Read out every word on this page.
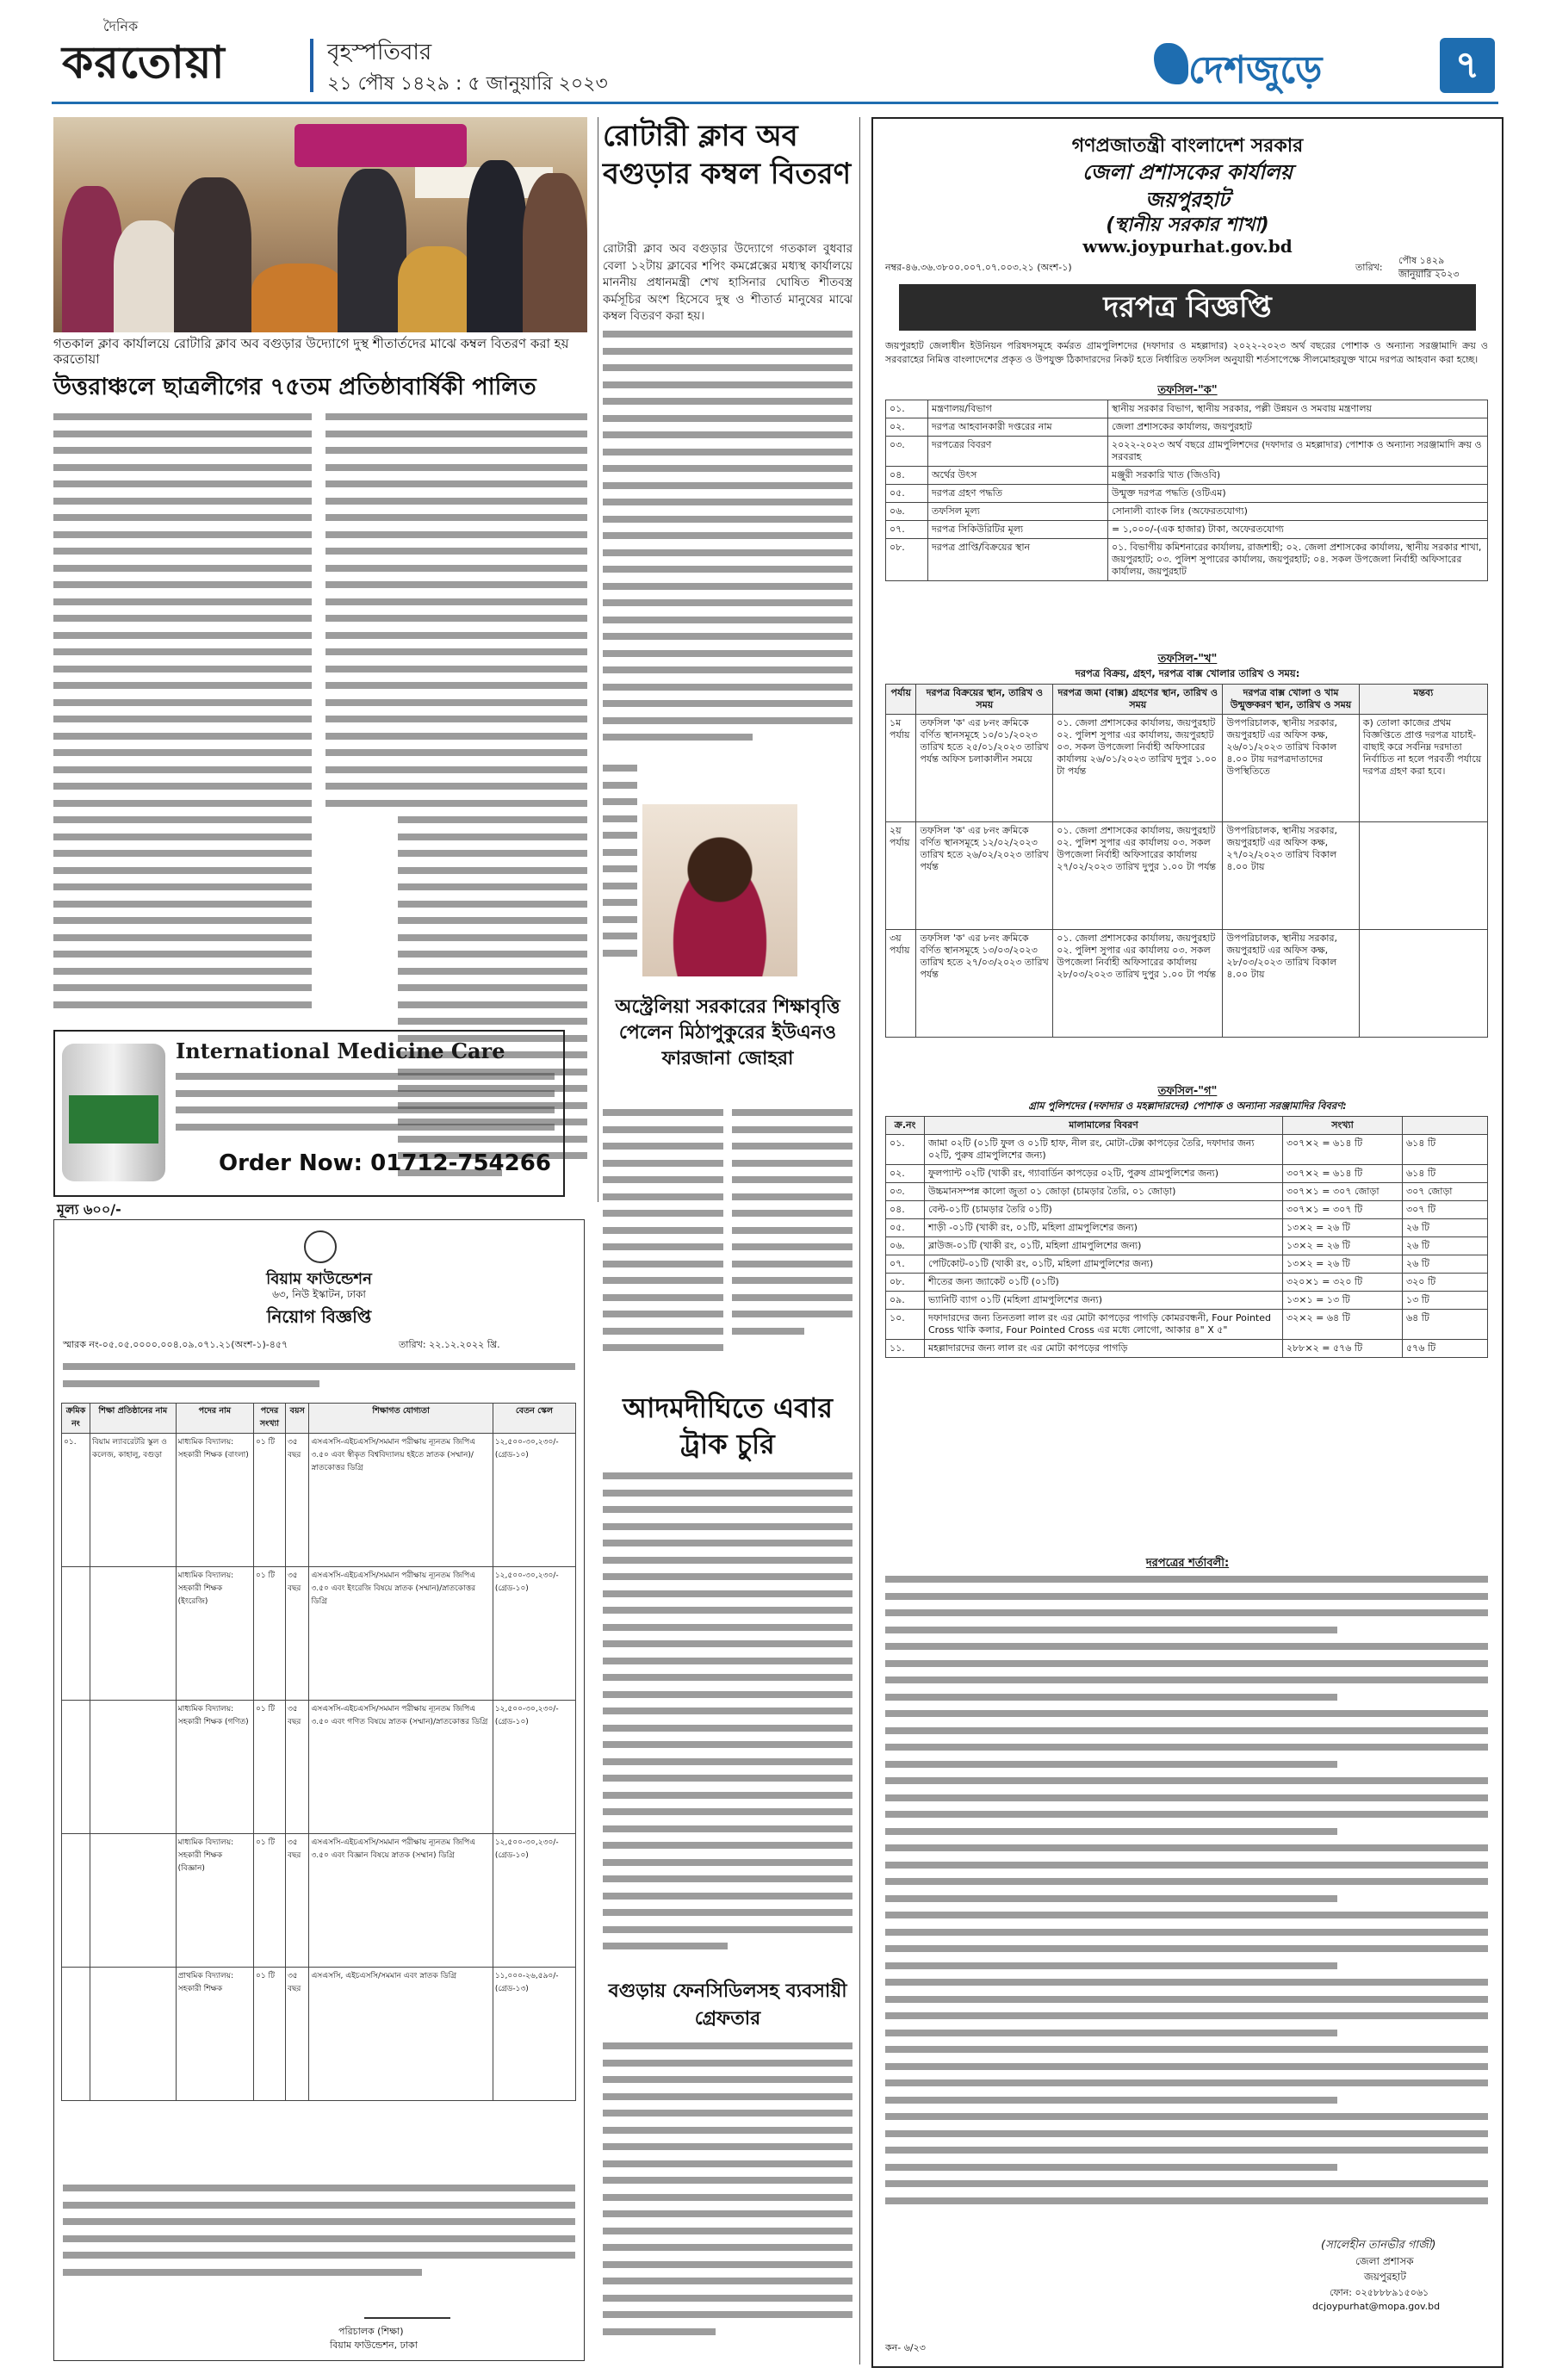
দৈনিক
করতোয়া	বৃহস্পতিবার
২১ পৌষ ১৪২৯ : ৫ জানুয়ারি ২০২৩	দেশজুড়ে	৭
গতকাল ক্লাব কার্যালয়ে রোটারি ক্লাব অব বগুড়ার উদ্যোগে দুস্থ শীতার্তদের মাঝে কম্বল বিতরণ করা হয় করতোয়া
রোটারী ক্লাব অব বগুড়ার কম্বল বিতরণ
রোটারী ক্লাব অব বগুড়ার উদ্যোগে গতকাল বুধবার বেলা ১২টায় ক্লাবের শপিং কমপ্লেক্সের মধ্যস্থ কার্যালয়ে মাননীয় প্রধানমন্ত্রী শেখ হাসিনার ঘোষিত শীতবস্ত্র কর্মসূচির অংশ হিসেবে দুস্থ ও শীতার্ত মানুষের মাঝে কম্বল বিতরণ করা হয়।
উত্তরাঞ্চলে ছাত্রলীগের ৭৫তম প্রতিষ্ঠাবার্ষিকী পালিত
International Medicine Care
Order Now: 01712-754266
মূল্য ৬০০/-
বিয়াম ফাউন্ডেশন
৬৩, নিউ ইস্কাটন, ঢাকা
নিয়োগ বিজ্ঞপ্তি
স্মারক নং-০৫.০৫.০০০০.০০৪.০৯.০৭১.২১(অংশ-১)-৪৫৭	তারিখ: ২২.১২.২০২২ খ্রি.
ক্রমিক নং	শিক্ষা প্রতিষ্ঠানের নাম	পদের নাম	পদের সংখ্যা	বয়স	শিক্ষাগত যোগ্যতা	বেতন স্কেল
০১.	বিয়াম ল্যাবরেটরি স্কুল ও কলেজ, কাহালু, বগুড়া	মাধ্যমিক বিদ্যালয়: সহকারী শিক্ষক (বাংলা)	০১ টি	৩৫ বছর	এসএসসি-এইচএসসি/সমমান পরীক্ষায় ন্যূনতম জিপিএ ৩.৫০ এবং স্বীকৃত বিশ্ববিদ্যালয় হইতে স্নাতক (সম্মান)/স্নাতকোত্তর ডিগ্রি	১২,৫০০-৩০,২৩০/- (গ্রেড-১০)
		মাধ্যমিক বিদ্যালয়: সহকারী শিক্ষক (ইংরেজি)	০১ টি	৩৫ বছর	এসএসসি-এইচএসসি/সমমান পরীক্ষায় ন্যূনতম জিপিএ ৩.৫০ এবং ইংরেজি বিষয়ে স্নাতক (সম্মান)/স্নাতকোত্তর ডিগ্রি	১২,৫০০-৩০,২৩০/- (গ্রেড-১০)
		মাধ্যমিক বিদ্যালয়: সহকারী শিক্ষক (গণিত)	০১ টি	৩৫ বছর	এসএসসি-এইচএসসি/সমমান পরীক্ষায় ন্যূনতম জিপিএ ৩.৫০ এবং গণিত বিষয়ে স্নাতক (সম্মান)/স্নাতকোত্তর ডিগ্রি	১২,৫০০-৩০,২৩০/- (গ্রেড-১০)
		মাধ্যমিক বিদ্যালয়: সহকারী শিক্ষক (বিজ্ঞান)	০১ টি	৩৫ বছর	এসএসসি-এইচএসসি/সমমান পরীক্ষায় ন্যূনতম জিপিএ ৩.৫০ এবং বিজ্ঞান বিষয়ে স্নাতক (সম্মান) ডিগ্রি	১২,৫০০-৩০,২৩০/- (গ্রেড-১০)
		প্রাথমিক বিদ্যালয়: সহকারী শিক্ষক	০১ টি	৩৫ বছর	এসএসসি, এইচএসসি/সমমান এবং স্নাতক ডিগ্রি	১১,০০০-২৬,৫৯০/- (গ্রেড-১৩)
পরিচালক (শিক্ষা)
বিয়াম ফাউন্ডেশন, ঢাকা
অস্ট্রেলিয়া সরকারের শিক্ষাবৃত্তি পেলেন মিঠাপুকুরের ইউএনও ফারজানা জোহরা
আদমদীঘিতে এবার ট্রাক চুরি
বগুড়ায় ফেনসিডিলসহ ব্যবসায়ী গ্রেফতার
গণপ্রজাতন্ত্রী বাংলাদেশ সরকার
জেলা প্রশাসকের কার্যালয়
জয়পুরহাট
(স্থানীয় সরকার শাখা)
www.joypurhat.gov.bd
নম্বর-৪৬.৩৬.৩৮০০.০০৭.০৭.০০৩.২১ (অংশ-১)	তারিখ:
পৌষ ১৪২৯
জানুয়ারি ২০২৩
দরপত্র বিজ্ঞপ্তি
জয়পুরহাট জেলাধীন ইউনিয়ন পরিষদসমূহে কর্মরত গ্রামপুলিশদের (দফাদার ও মহল্লাদার) ২০২২-২০২৩ অর্থ বছরের পোশাক ও অন্যান্য সরঞ্জামাদি ক্রয় ও সরবরাহের নিমিত্ত বাংলাদেশের প্রকৃত ও উপযুক্ত ঠিকাদারদের নিকট হতে নির্ধারিত তফসিল অনুযায়ী শর্তসাপেক্ষে সীলমোহরযুক্ত খামে দরপত্র আহবান করা হচ্ছে।
তফসিল-"ক"
০১.	মন্ত্রণালয়/বিভাগ	স্থানীয় সরকার বিভাগ, স্থানীয় সরকার, পল্লী উন্নয়ন ও সমবায় মন্ত্রণালয়
০২.	দরপত্র আহবানকারী দপ্তরের নাম	জেলা প্রশাসকের কার্যালয়, জয়পুরহাট
০৩.	দরপত্রের বিবরণ	২০২২-২০২৩ অর্থ বছরে গ্রামপুলিশদের (দফাদার ও মহল্লাদার) পোশাক ও অন্যান্য সরঞ্জামাদি ক্রয় ও সরবরাহ
০৪.	অর্থের উৎস	মঞ্জুরী সরকারি খাত (জিওবি)
০৫.	দরপত্র গ্রহণ পদ্ধতি	উন্মুক্ত দরপত্র পদ্ধতি (ওটিএম)
০৬.	তফসিল মূল্য	সোনালী ব্যাংক লিঃ (অফেরতযোগ্য)
০৭.	দরপত্র সিকিউরিটির মূল্য	= ১,০০০/-(এক হাজার) টাকা, অফেরতযোগ্য
০৮.	দরপত্র প্রাপ্তি/বিক্রয়ের স্থান	০১. বিভাগীয় কমিশনারের কার্যালয়, রাজশাহী; ০২. জেলা প্রশাসকের কার্যালয়, স্থানীয় সরকার শাখা, জয়পুরহাট; ০৩. পুলিশ সুপারের কার্যালয়, জয়পুরহাট; ০৪. সকল উপজেলা নির্বাহী অফিসারের কার্যালয়, জয়পুরহাট
তফসিল-"খ"
দরপত্র বিক্রয়, গ্রহণ, দরপত্র বাক্স খোলার তারিখ ও সময়:
পর্যায়	দরপত্র বিক্রয়ের স্থান, তারিখ ও সময়	দরপত্র জমা (বাক্স) গ্রহণের স্থান, তারিখ ও সময়	দরপত্র বাক্স খোলা ও খাম উন্মুক্তকরণ স্থান, তারিখ ও সময়	মন্তব্য
১ম পর্যায়	তফসিল 'ক' এর ৮নং ক্রমিকে বর্ণিত স্থানসমূহে ১০/০১/২০২৩ তারিখ হতে ২৫/০১/২০২৩ তারিখ পর্যন্ত অফিস চলাকালীন সময়ে	০১. জেলা প্রশাসকের কার্যালয়, জয়পুরহাট ০২. পুলিশ সুপার এর কার্যালয়, জয়পুরহাট ০৩. সকল উপজেলা নির্বাহী অফিসারের কার্যালয় ২৬/০১/২০২৩ তারিখ দুপুর ১.০০ টা পর্যন্ত	উপপরিচালক, স্থানীয় সরকার, জয়পুরহাট এর অফিস কক্ষ, ২৬/০১/২০২৩ তারিখ বিকাল ৪.০০ টায় দরপত্রদাতাদের উপস্থিতিতে	ক) তোলা কাজের প্রথম বিজ্ঞপ্তিতে প্রাপ্ত দরপত্র যাচাই-বাছাই করে সর্বনিম্ন দরদাতা নির্বাচিত না হলে পরবর্তী পর্যায়ে দরপত্র গ্রহণ করা হবে।
২য় পর্যায়	তফসিল 'ক' এর ৮নং ক্রমিকে বর্ণিত স্থানসমূহে ১২/০২/২০২৩ তারিখ হতে ২৬/০২/২০২৩ তারিখ পর্যন্ত	০১. জেলা প্রশাসকের কার্যালয়, জয়পুরহাট ০২. পুলিশ সুপার এর কার্যালয় ০৩. সকল উপজেলা নির্বাহী অফিসারের কার্যালয় ২৭/০২/২০২৩ তারিখ দুপুর ১.০০ টা পর্যন্ত	উপপরিচালক, স্থানীয় সরকার, জয়পুরহাট এর অফিস কক্ষ, ২৭/০২/২০২৩ তারিখ বিকাল ৪.০০ টায়	
৩য় পর্যায়	তফসিল 'ক' এর ৮নং ক্রমিকে বর্ণিত স্থানসমূহে ১৩/০৩/২০২৩ তারিখ হতে ২৭/০৩/২০২৩ তারিখ পর্যন্ত	০১. জেলা প্রশাসকের কার্যালয়, জয়পুরহাট ০২. পুলিশ সুপার এর কার্যালয় ০৩. সকল উপজেলা নির্বাহী অফিসারের কার্যালয় ২৮/০৩/২০২৩ তারিখ দুপুর ১.০০ টা পর্যন্ত	উপপরিচালক, স্থানীয় সরকার, জয়পুরহাট এর অফিস কক্ষ, ২৮/০৩/২০২৩ তারিখ বিকাল ৪.০০ টায়	
তফসিল-"গ"
গ্রাম পুলিশদের (দফাদার ও মহল্লাদারদের) পোশাক ও অন্যান্য সরঞ্জামাদির বিবরণ:
ক্র.নং	মালামালের বিবরণ	সংখ্যা	
০১.	জামা ০২টি (০১টি ফুল ও ০১টি হাফ, নীল রং, মোটা-টেক্স কাপড়ের তৈরি, দফাদার জন্য ০২টি, পুরুষ গ্রামপুলিশের জন্য)	৩০৭×২ = ৬১৪ টি	৬১৪ টি
০২.	ফুলপ্যান্ট ০২টি (খাকী রং, গ্যাবার্ডিন কাপড়ের ০২টি, পুরুষ গ্রামপুলিশের জন্য)	৩০৭×২ = ৬১৪ টি	৬১৪ টি
০৩.	উচ্চমানসম্পন্ন কালো জুতা ০১ জোড়া (চামড়ার তৈরি, ০১ জোড়া)	৩০৭×১ = ৩০৭ জোড়া	৩০৭ জোড়া
০৪.	বেল্ট-০১টি (চামড়ার তৈরি ০১টি)	৩০৭×১ = ৩০৭ টি	৩০৭ টি
০৫.	শাড়ী -০১টি (খাকী রং, ০১টি, মহিলা গ্রামপুলিশের জন্য)	১৩×২ = ২৬ টি	২৬ টি
০৬.	ব্লাউজ-০১টি (খাকী রং, ০১টি, মহিলা গ্রামপুলিশের জন্য)	১৩×২ = ২৬ টি	২৬ টি
০৭.	পেটিকোট-০১টি (খাকী রং, ০১টি, মহিলা গ্রামপুলিশের জন্য)	১৩×২ = ২৬ টি	২৬ টি
০৮.	শীতের জন্য জ্যাকেট ০১টি (০১টি)	৩২০×১ = ৩২০ টি	৩২০ টি
০৯.	ভ্যানিটি ব্যাগ ০১টি (মহিলা গ্রামপুলিশের জন্য)	১৩×১ = ১৩ টি	১৩ টি
১০.	দফাদারদের জন্য তিনতলা লাল রং এর মোটা কাপড়ের পাগড়ি কোমরবন্ধনী, Four Pointed Cross থাকি কলার, Four Pointed Cross এর মধ্যে লোগো, আকার ৪" X ৫"	৩২×২ = ৬৪ টি	৬৪ টি
১১.	মহল্লাদারদের জন্য লাল রং এর মোটা কাপড়ের পাগড়ি	২৮৮×২ = ৫৭৬ টি	৫৭৬ টি
দরপত্রের শর্তাবলী:
(সালেহীন তানভীর গাজী)
জেলা প্রশাসক
জয়পুরহাট
ফোন: ০২৫৮৮৮৯১৫০৬১
dcjoypurhat@mopa.gov.bd
কন- ৬/২৩
